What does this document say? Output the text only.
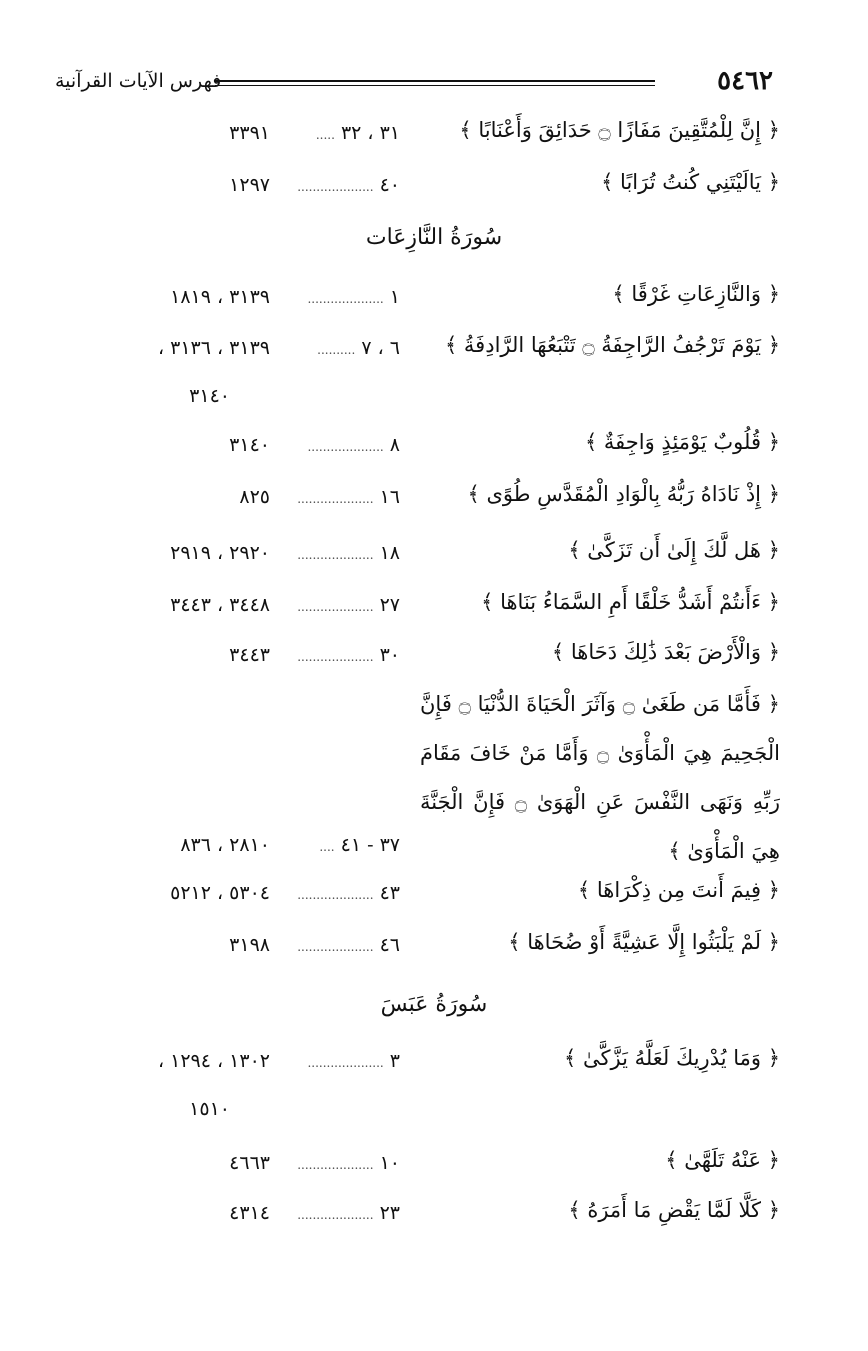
فهرس الآيات القرآنية	٥٤٦٢
﴿ إِنَّ لِلْمُتَّقِينَ مَفَازًا ۝ حَدَائِقَ وَأَعْنَابًا ﴾
٣١ ، ٣٢ .....
٣٣٩١
﴿ يَالَيْتَنِي كُنتُ تُرَابًا ﴾
٤٠ ....................
١٢٩٧
سُورَةُ النَّازِعَات
﴿ وَالنَّازِعَاتِ غَرْقًا ﴾
١ ....................
٣١٣٩ ، ١٨١٩
﴿ يَوْمَ تَرْجُفُ الرَّاجِفَةُ ۝ تَتْبَعُهَا الرَّادِفَةُ ﴾
٦ ، ٧ ..........
٣١٣٩ ، ٣١٣٦ ،
٣١٤٠
﴿ قُلُوبٌ يَوْمَئِذٍ وَاجِفَةٌ ﴾
٨ ....................
٣١٤٠
﴿ إِذْ نَادَاهُ رَبُّهُ بِالْوَادِ الْمُقَدَّسِ طُوًى ﴾
١٦ ....................
٨٢٥
﴿ هَل لَّكَ إِلَىٰ أَن تَزَكَّىٰ ﴾
١٨ ....................
٢٩٢٠ ، ٢٩١٩
﴿ ءَأَنتُمْ أَشَدُّ خَلْقًا أَمِ السَّمَاءُ بَنَاهَا ﴾
٢٧ ....................
٣٤٤٨ ، ٣٤٤٣
﴿ وَالْأَرْضَ بَعْدَ ذَٰلِكَ دَحَاهَا ﴾
٣٠ ....................
٣٤٤٣
﴿ فَأَمَّا مَن طَغَىٰ ۝ وَآثَرَ الْحَيَاةَ الدُّنْيَا ۝ فَإِنَّ الْجَحِيمَ هِيَ الْمَأْوَىٰ ۝ وَأَمَّا مَنْ خَافَ مَقَامَ رَبِّهِ وَنَهَى النَّفْسَ عَنِ الْهَوَىٰ ۝ فَإِنَّ الْجَنَّةَ هِيَ الْمَأْوَىٰ ﴾
٣٧ - ٤١ ....
٢٨١٠ ، ٨٣٦
﴿ فِيمَ أَنتَ مِن ذِكْرَاهَا ﴾
٤٣ ....................
٥٣٠٤ ، ٥٢١٢
﴿ لَمْ يَلْبَثُوا إِلَّا عَشِيَّةً أَوْ ضُحَاهَا ﴾
٤٦ ....................
٣١٩٨
سُورَةُ عَبَسَ
﴿ وَمَا يُدْرِيكَ لَعَلَّهُ يَزَّكَّىٰ ﴾
٣ ....................
١٣٠٢ ، ١٢٩٤ ،
١٥١٠
﴿ عَنْهُ تَلَهَّىٰ ﴾
١٠ ....................
٤٦٦٣
﴿ كَلَّا لَمَّا يَقْضِ مَا أَمَرَهُ ﴾
٢٣ ....................
٤٣١٤
